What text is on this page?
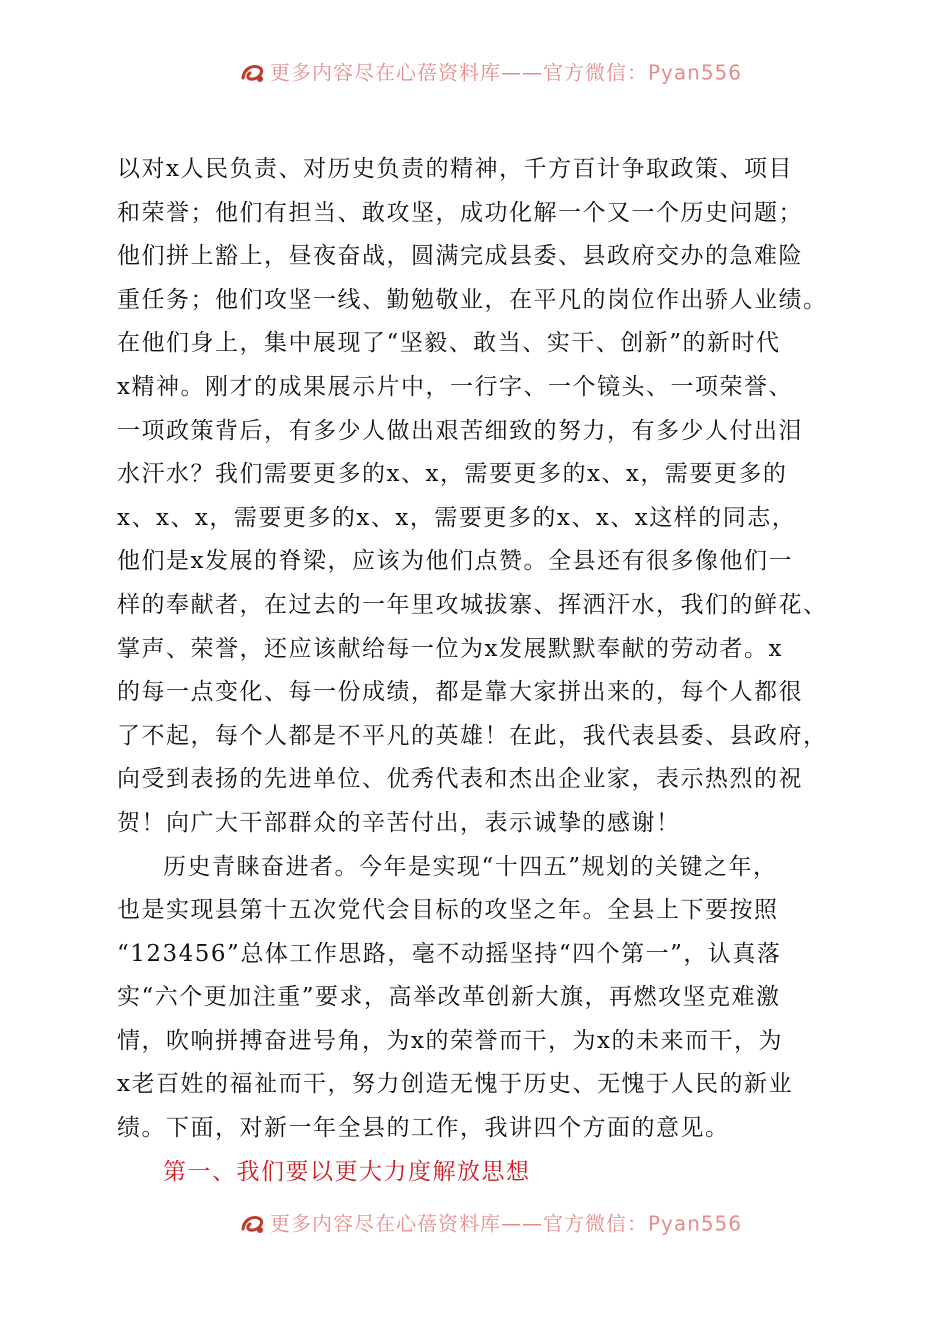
更多内容尽在心蓓资料库——官方微信：Pyan556
以对x人民负责、对历史负责的精神，千方百计争取政策、项目
和荣誉；他们有担当、敢攻坚，成功化解一个又一个历史问题；
他们拼上豁上，昼夜奋战，圆满完成县委、县政府交办的急难险
重任务；他们攻坚一线、勤勉敬业，在平凡的岗位作出骄人业绩。
在他们身上，集中展现了“坚毅、敢当、实干、创新”的新时代
x精神。刚才的成果展示片中，一行字、一个镜头、一项荣誉、
一项政策背后，有多少人做出艰苦细致的努力，有多少人付出泪
水汗水？我们需要更多的x、x，需要更多的x、x，需要更多的
x、x、x，需要更多的x、x，需要更多的x、x、x这样的同志，
他们是x发展的脊梁，应该为他们点赞。全县还有很多像他们一
样的奉献者，在过去的一年里攻城拔寨、挥洒汗水，我们的鲜花、
掌声、荣誉，还应该献给每一位为x发展默默奉献的劳动者。x
的每一点变化、每一份成绩，都是靠大家拼出来的，每个人都很
了不起，每个人都是不平凡的英雄！在此，我代表县委、县政府，
向受到表扬的先进单位、优秀代表和杰出企业家，表示热烈的祝
贺！向广大干部群众的辛苦付出，表示诚挚的感谢！
历史青睐奋进者。今年是实现“十四五”规划的关键之年，
也是实现县第十五次党代会目标的攻坚之年。全县上下要按照
“123456”总体工作思路，毫不动摇坚持“四个第一”，认真落
实“六个更加注重”要求，高举改革创新大旗，再燃攻坚克难激
情，吹响拼搏奋进号角，为x的荣誉而干，为x的未来而干，为
x老百姓的福祉而干，努力创造无愧于历史、无愧于人民的新业
绩。下面，对新一年全县的工作，我讲四个方面的意见。
第一、我们要以更大力度解放思想
更多内容尽在心蓓资料库——官方微信：Pyan556
